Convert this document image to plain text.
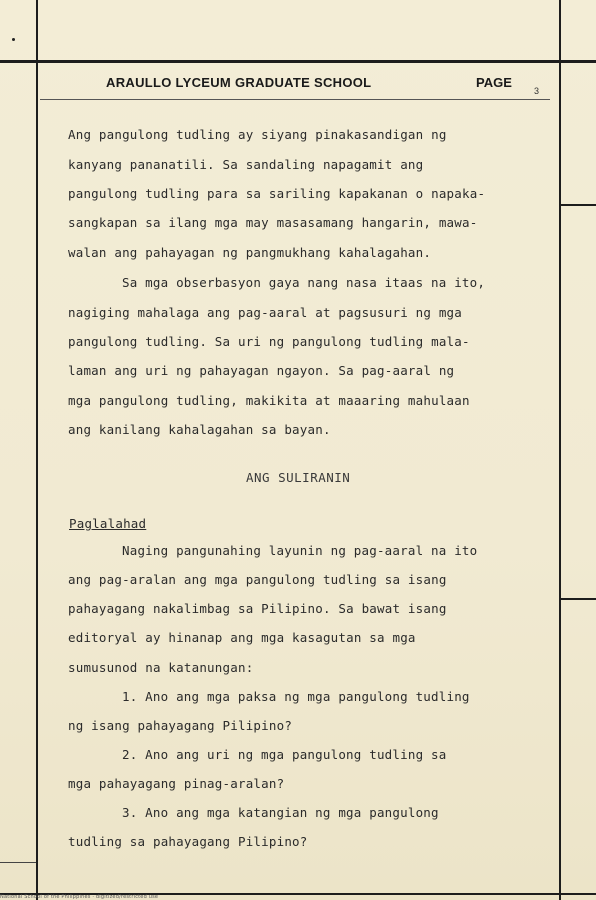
ARAULLO LYCEUM GRADUATE SCHOOL	PAGE
3
Ang pangulong tudling ay siyang pinakasandigan ng
kanyang pananatili. Sa sandaling napagamit ang
pangulong tudling para sa sariling kapakanan o napaka-
sangkapan sa ilang mga may masasamang hangarin, mawa-
walan ang pahayagan ng pangmukhang kahalagahan.
Sa mga obserbasyon gaya nang nasa itaas na ito,
nagiging mahalaga ang pag-aaral at pagsusuri ng mga
pangulong tudling. Sa uri ng pangulong tudling mala-
laman ang uri ng pahayagan ngayon. Sa pag-aaral ng
mga pangulong tudling, makikita at maaaring mahulaan
ang kanilang kahalagahan sa bayan.
ANG SULIRANIN
Paglalahad
Naging pangunahing layunin ng pag-aaral na ito
ang pag-aralan ang mga pangulong tudling sa isang
pahayagang nakalimbag sa Pilipino. Sa bawat isang
editoryal ay hinanap ang mga kasagutan sa mga
sumusunod na katanungan:
1. Ano ang mga paksa ng mga pangulong tudling
ng isang pahayagang Pilipino?
2. Ano ang uri ng mga pangulong tudling sa
mga pahayagang pinag-aralan?
3. Ano ang mga katangian ng mga pangulong
tudling sa pahayagang Pilipino?
National School of the Philippines · digitized/restricted use
